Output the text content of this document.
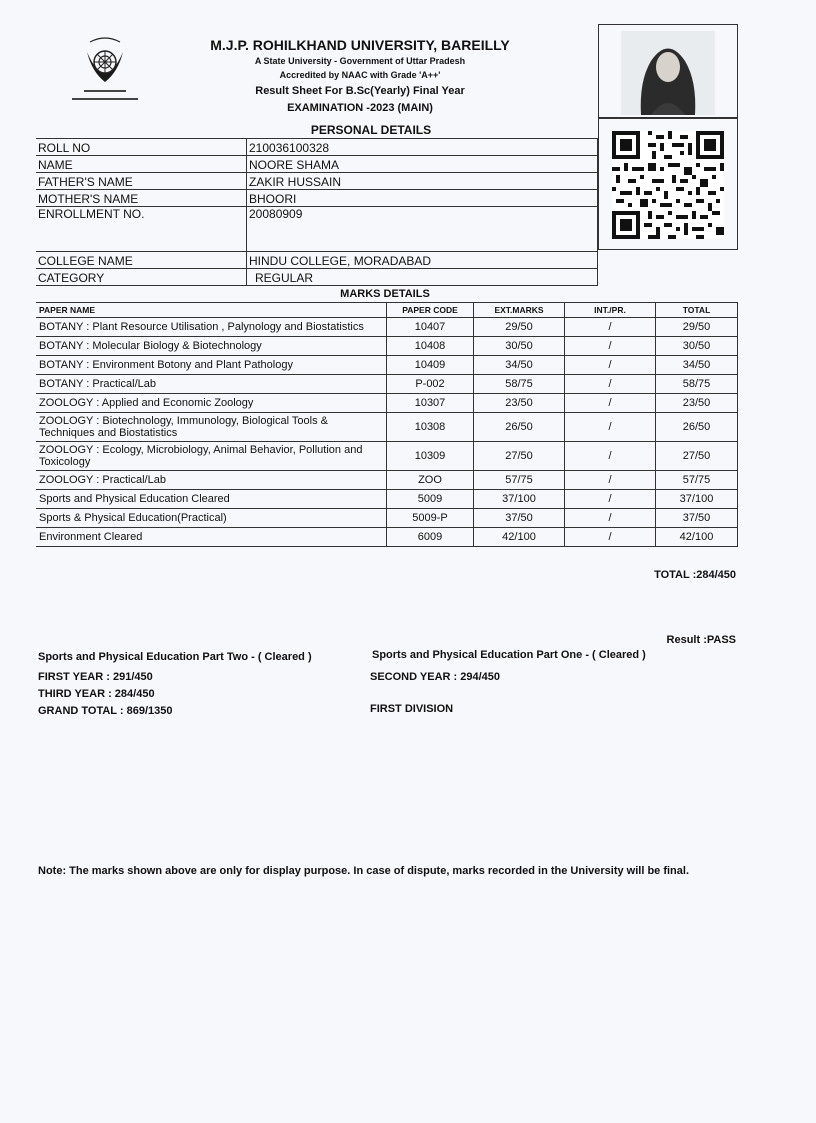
M.J.P. ROHILKHAND UNIVERSITY, BAREILLY
A State University - Government of Uttar Pradesh
Accredited by NAAC with Grade 'A++'
Result Sheet For B.Sc(Yearly) Final Year
EXAMINATION -2023 (MAIN)
PERSONAL DETAILS
ROLL NO	210036100328
NAME	NOORE SHAMA
FATHER'S NAME	ZAKIR HUSSAIN
MOTHER'S NAME	BHOORI
ENROLLMENT NO.	20080909
COLLEGE NAME	HINDU COLLEGE, MORADABAD
CATEGORY	REGULAR
MARKS DETAILS
PAPER NAME	PAPER CODE	EXT.MARKS	INT./PR.	TOTAL
BOTANY : Plant Resource Utilisation , Palynology and Biostatistics	10407	29/50	/	29/50
BOTANY : Molecular Biology & Biotechnology	10408	30/50	/	30/50
BOTANY : Environment Botony and Plant Pathology	10409	34/50	/	34/50
BOTANY : Practical/Lab	P-002	58/75	/	58/75
ZOOLOGY : Applied and Economic Zoology	10307	23/50	/	23/50
ZOOLOGY : Biotechnology, Immunology, Biological Tools & Techniques and Biostatistics	10308	26/50	/	26/50
ZOOLOGY : Ecology, Microbiology, Animal Behavior, Pollution and Toxicology	10309	27/50	/	27/50
ZOOLOGY : Practical/Lab	ZOO	57/75	/	57/75
Sports and Physical Education Cleared	5009	37/100	/	37/100
Sports & Physical Education(Practical)	5009-P	37/50	/	37/50
Environment Cleared	6009	42/100	/	42/100
TOTAL :284/450
Result :PASS
Sports and Physical Education Part Two - ( Cleared )	Sports and Physical Education Part One - ( Cleared )
FIRST YEAR : 291/450	SECOND YEAR : 294/450
THIRD YEAR : 284/450
GRAND TOTAL : 869/1350	FIRST DIVISION
Note: The marks shown above are only for display purpose. In case of dispute, marks recorded in the University will be final.
